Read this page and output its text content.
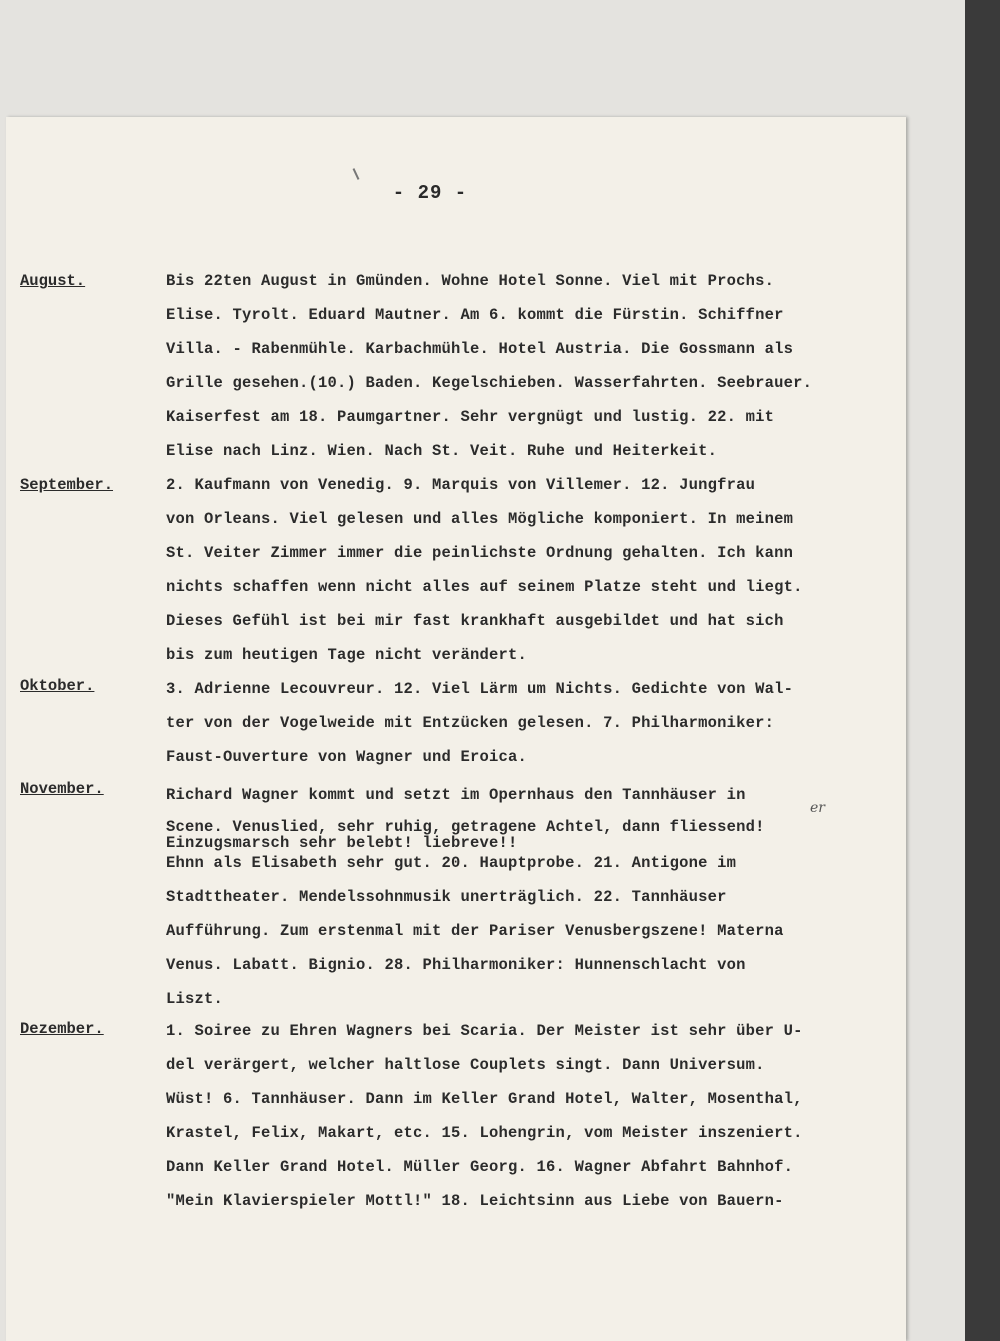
- 29 -
August.	Bis 22ten August in Gmünden. Wohne Hotel Sonne. Viel mit Prochs.
Elise. Tyrolt. Eduard Mautner. Am 6. kommt die Fürstin. Schiffner
Villa. - Rabenmühle. Karbachmühle. Hotel Austria. Die Gossmann als
Grille gesehen.(10.) Baden. Kegelschieben. Wasserfahrten. Seebrauer.
Kaiserfest am 18. Paumgartner. Sehr vergnügt und lustig. 22. mit
Elise nach Linz. Wien. Nach St. Veit. Ruhe und Heiterkeit.
September.	2. Kaufmann von Venedig. 9. Marquis von Villemer. 12. Jungfrau
von Orleans. Viel gelesen und alles Mögliche komponiert. In meinem
St. Veiter Zimmer immer die peinlichste Ordnung gehalten. Ich kann
nichts schaffen wenn nicht alles auf seinem Platze steht und liegt.
Dieses Gefühl ist bei mir fast krankhaft ausgebildet und hat sich
bis zum heutigen Tage nicht verändert.
Oktober.	3. Adrienne Lecouvreur. 12. Viel Lärm um Nichts. Gedichte von Wal-
ter von der Vogelweide mit Entzücken gelesen. 7. Philharmoniker:
Faust-Ouverture von Wagner und Eroica.
November.	Richard Wagner kommt und setzt im Opernhaus den Tannhäuser in
Scene. Venuslied, sehr ruhig, getragene Achtel, dann fliessend!
Einzugsmarsch sehr belebt! liebreve!!
Ehnn als Elisabeth sehr gut. 20. Hauptprobe. 21. Antigone im
Stadttheater. Mendelssohnmusik unerträglich. 22. Tannhäuser
Aufführung. Zum erstenmal mit der Pariser Venusbergszene! Materna
Venus. Labatt. Bignio. 28. Philharmoniker: Hunnenschlacht von
Liszt.
er
Dezember.	1. Soiree zu Ehren Wagners bei Scaria. Der Meister ist sehr über U-
del verärgert, welcher haltlose Couplets singt. Dann Universum.
Wüst! 6. Tannhäuser. Dann im Keller Grand Hotel, Walter, Mosenthal,
Krastel, Felix, Makart, etc. 15. Lohengrin, vom Meister inszeniert.
Dann Keller Grand Hotel. Müller Georg. 16. Wagner Abfahrt Bahnhof.
"Mein Klavierspieler Mottl!" 18. Leichtsinn aus Liebe von Bauern-
